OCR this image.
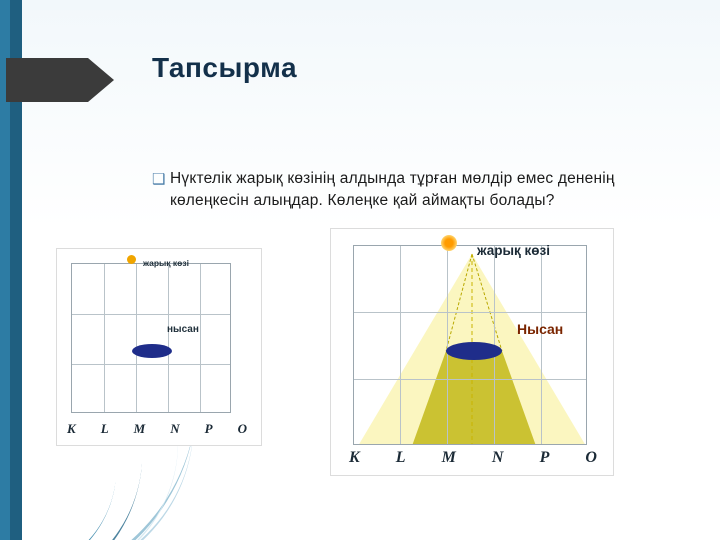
Тапсырма
❑ Нүктелік жарық көзінің алдында тұрған мөлдір емес дененің көлеңкесін алыңдар. Көлеңке қай аймақты болады?
жарық көзі
нысан
K L M N P O
жарық көзі
Нысан
K L M N P O
